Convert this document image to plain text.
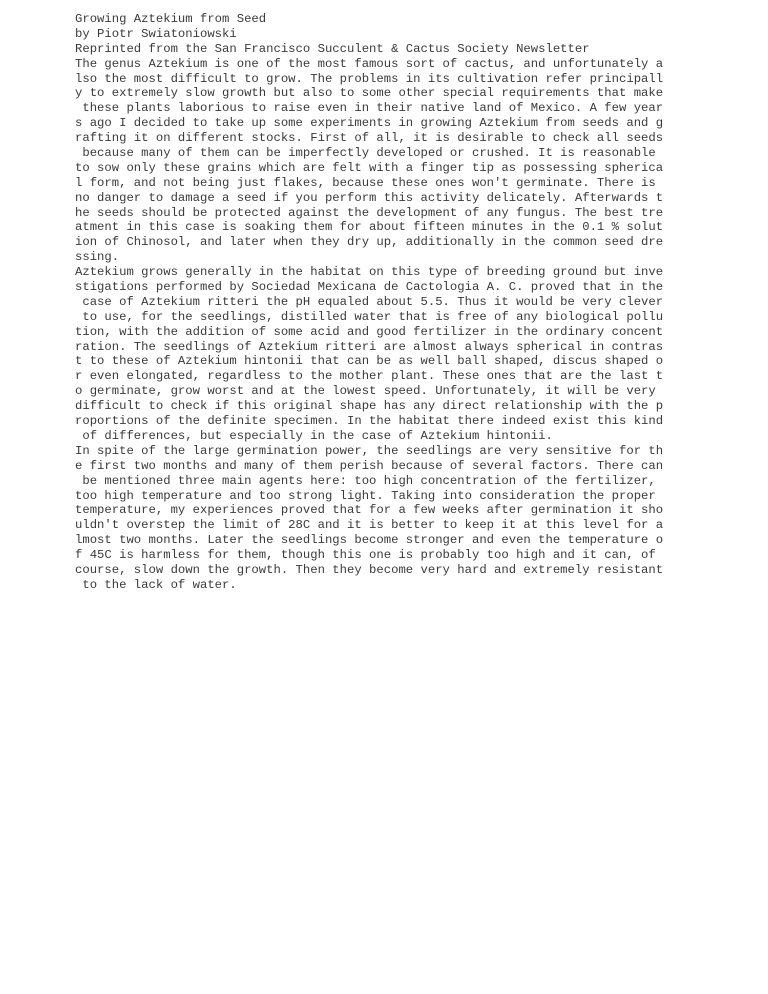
Growing Aztekium from Seed
by Piotr Swiatoniowski
Reprinted from the San Francisco Succulent & Cactus Society Newsletter
The genus Aztekium is one of the most famous sort of cactus, and unfortunately a
lso the most difficult to grow. The problems in its cultivation refer principall
y to extremely slow growth but also to some other special requirements that make
these plants laborious to raise even in their native land of Mexico. A few year
s ago I decided to take up some experiments in growing Aztekium from seeds and g
rafting it on different stocks. First of all, it is desirable to check all seeds
because many of them can be imperfectly developed or crushed. It is reasonable
to sow only these grains which are felt with a finger tip as possessing spherica
l form, and not being just flakes, because these ones won't germinate. There is
no danger to damage a seed if you perform this activity delicately. Afterwards t
he seeds should be protected against the development of any fungus. The best tre
atment in this case is soaking them for about fifteen minutes in the 0.1 % solut
ion of Chinosol, and later when they dry up, additionally in the common seed dre
ssing.
Aztekium grows generally in the habitat on this type of breeding ground but inve
stigations performed by Sociedad Mexicana de Cactologia A. C. proved that in the
case of Aztekium ritteri the pH equaled about 5.5. Thus it would be very clever
to use, for the seedlings, distilled water that is free of any biological pollu
tion, with the addition of some acid and good fertilizer in the ordinary concent
ration. The seedlings of Aztekium ritteri are almost always spherical in contras
t to these of Aztekium hintonii that can be as well ball shaped, discus shaped o
r even elongated, regardless to the mother plant. These ones that are the last t
o germinate, grow worst and at the lowest speed. Unfortunately, it will be very
difficult to check if this original shape has any direct relationship with the p
roportions of the definite specimen. In the habitat there indeed exist this kind
of differences, but especially in the case of Aztekium hintonii.
In spite of the large germination power, the seedlings are very sensitive for th
e first two months and many of them perish because of several factors. There can
be mentioned three main agents here: too high concentration of the fertilizer,
too high temperature and too strong light. Taking into consideration the proper
temperature, my experiences proved that for a few weeks after germination it sho
uldn't overstep the limit of 28C and it is better to keep it at this level for a
lmost two months. Later the seedlings become stronger and even the temperature o
f 45C is harmless for them, though this one is probably too high and it can, of
course, slow down the growth. Then they become very hard and extremely resistant
to the lack of water.
